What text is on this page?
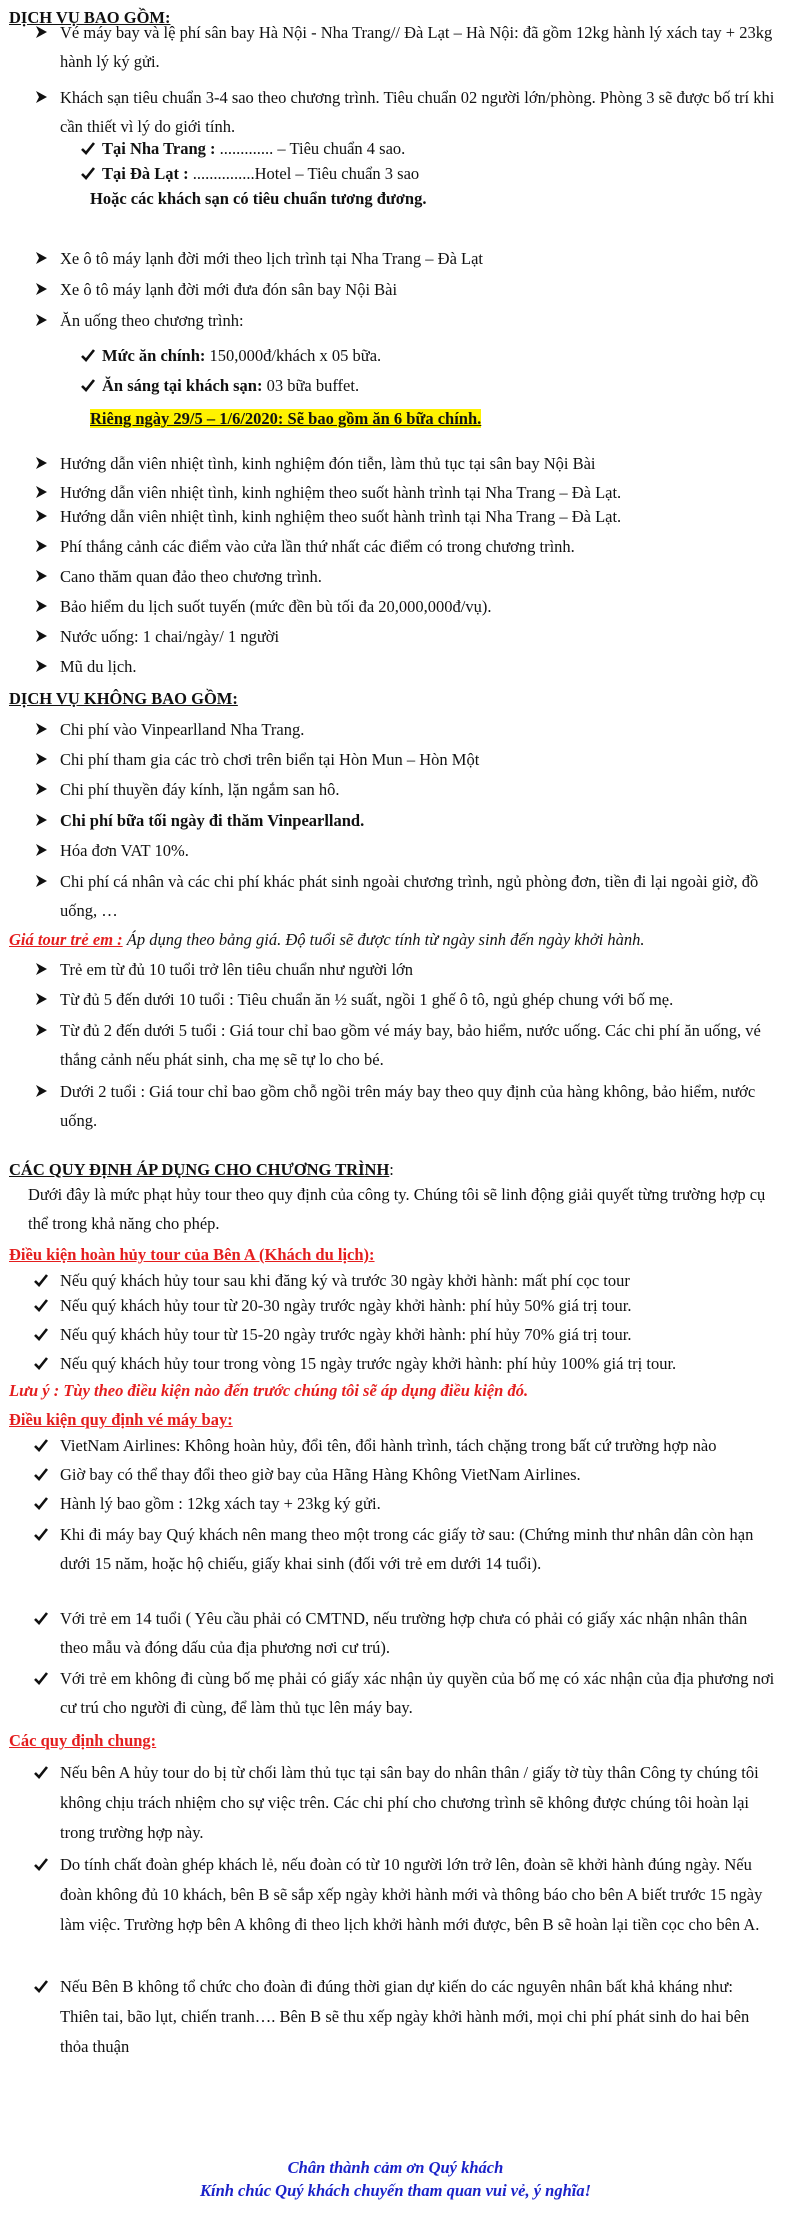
DỊCH VỤ BAO GỒM:
Vé máy bay và lệ phí sân bay Hà Nội - Nha Trang// Đà Lạt – Hà Nội: đã gồm 12kg hành lý xách tay + 23kg hành lý ký gửi.
Khách sạn tiêu chuẩn 3-4 sao theo chương trình. Tiêu chuẩn 02 người lớn/phòng. Phòng 3 sẽ được bố trí khi cần thiết vì lý do giới tính.
Tại Nha Trang : ............. – Tiêu chuẩn 4 sao.
Tại Đà Lạt : ...............Hotel – Tiêu chuẩn 3 sao
Hoặc các khách sạn có tiêu chuẩn tương đương.
Xe ô tô máy lạnh đời mới theo lịch trình tại Nha Trang – Đà Lạt
Xe ô tô máy lạnh đời mới đưa đón sân bay Nội Bài
Ăn uống theo chương trình:
Mức ăn chính: 150,000đ/khách x 05 bữa.
Ăn sáng tại khách sạn: 03 bữa buffet.
Riêng ngày 29/5 – 1/6/2020: Sẽ bao gồm ăn 6 bữa chính.
Hướng dẫn viên nhiệt tình, kinh nghiệm đón tiễn, làm thủ tục tại sân bay Nội Bài
Hướng dẫn viên nhiệt tình, kinh nghiệm theo suốt hành trình tại Nha Trang – Đà Lạt.
Hướng dẫn viên nhiệt tình, kinh nghiệm theo suốt hành trình tại Nha Trang – Đà Lạt.
Phí thắng cảnh các điểm vào cửa lần thứ nhất các điểm có trong chương trình.
Cano thăm quan đảo theo chương trình.
Bảo hiểm du lịch suốt tuyến (mức đền bù tối đa 20,000,000đ/vụ).
Nước uống: 1 chai/ngày/ 1 người
Mũ du lịch.
DỊCH VỤ KHÔNG BAO GỒM:
Chi phí vào Vinpearlland Nha Trang.
Chi phí tham gia các trò chơi trên biển tại Hòn Mun – Hòn Một
Chi phí thuyền đáy kính, lặn ngắm san hô.
Chi phí bữa tối ngày đi thăm Vinpearlland.
Hóa đơn VAT 10%.
Chi phí cá nhân và các chi phí khác phát sinh ngoài chương trình, ngủ phòng đơn, tiền đi lại ngoài giờ, đồ uống, …
Giá tour trẻ em : Áp dụng theo bảng giá. Độ tuổi sẽ được tính từ ngày sinh đến ngày khởi hành.
Trẻ em từ đủ 10 tuổi trở lên tiêu chuẩn như người lớn
Từ đủ 5 đến dưới 10 tuổi : Tiêu chuẩn ăn ½ suất, ngồi 1 ghế ô tô, ngủ ghép chung với bố mẹ.
Từ đủ 2 đến dưới 5 tuổi : Giá tour chỉ bao gồm vé máy bay, bảo hiểm, nước uống. Các chi phí ăn uống, vé thắng cảnh nếu phát sinh, cha mẹ sẽ tự lo cho bé.
Dưới 2 tuổi : Giá tour chỉ bao gồm chỗ ngồi trên máy bay theo quy định của hàng không, bảo hiểm, nước uống.
CÁC QUY ĐỊNH ÁP DỤNG CHO CHƯƠNG TRÌNH:
Dưới đây là mức phạt hủy tour theo quy định của công ty. Chúng tôi sẽ linh động giải quyết từng trường hợp cụ thể trong khả năng cho phép.
Điều kiện hoàn hủy tour của Bên A (Khách du lịch):
Nếu quý khách hủy tour sau khi đăng ký và trước 30 ngày khởi hành: mất phí cọc tour
Nếu quý khách hủy tour từ 20-30 ngày trước ngày khởi hành: phí hủy 50% giá trị tour.
Nếu quý khách hủy tour từ 15-20 ngày trước ngày khởi hành: phí hủy 70% giá trị tour.
Nếu quý khách hủy tour trong vòng 15 ngày trước ngày khởi hành: phí hủy 100% giá trị tour.
Lưu ý : Tùy theo điều kiện nào đến trước chúng tôi sẽ áp dụng điều kiện đó.
Điều kiện quy định vé máy bay:
VietNam Airlines: Không hoàn hủy, đổi tên, đổi hành trình, tách chặng trong bất cứ trường hợp nào
Giờ bay có thể thay đổi theo giờ bay của Hãng Hàng Không VietNam Airlines.
Hành lý bao gồm : 12kg xách tay + 23kg ký gửi.
Khi đi máy bay Quý khách nên mang theo một trong các giấy tờ sau: (Chứng minh thư nhân dân còn hạn dưới 15 năm, hoặc hộ chiếu, giấy khai sinh (đối với trẻ em dưới 14 tuổi).
Với trẻ em 14 tuổi ( Yêu cầu phải có CMTND, nếu trường hợp chưa có phải có giấy xác nhận nhân thân theo mẫu và đóng dấu của địa phương nơi cư trú).
Với trẻ em không đi cùng bố mẹ phải có giấy xác nhận ủy quyền của bố mẹ có xác nhận của địa phương nơi cư trú cho người đi cùng, để làm thủ tục lên máy bay.
Các quy định chung:
Nếu bên A hủy tour do bị từ chối làm thủ tục tại sân bay do nhân thân / giấy tờ tùy thân Công ty chúng tôi không chịu trách nhiệm cho sự việc trên. Các chi phí cho chương trình sẽ không được chúng tôi hoàn lại trong trường hợp này.
Do tính chất đoàn ghép khách lẻ, nếu đoàn có từ 10 người lớn trở lên, đoàn sẽ khởi hành đúng ngày. Nếu đoàn không đủ 10 khách, bên B sẽ sắp xếp ngày khởi hành mới và thông báo cho bên A biết trước 15 ngày làm việc. Trường hợp bên A không đi theo lịch khởi hành mới được, bên B sẽ hoàn lại tiền cọc cho bên A.
Nếu Bên B không tổ chức cho đoàn đi đúng thời gian dự kiến do các nguyên nhân bất khả kháng như: Thiên tai, bão lụt, chiến tranh…. Bên B sẽ thu xếp ngày khởi hành mới, mọi chi phí phát sinh do hai bên thỏa thuận
Chân thành cảm ơn Quý khách
Kính chúc Quý khách chuyến tham quan vui vẻ, ý nghĩa!
